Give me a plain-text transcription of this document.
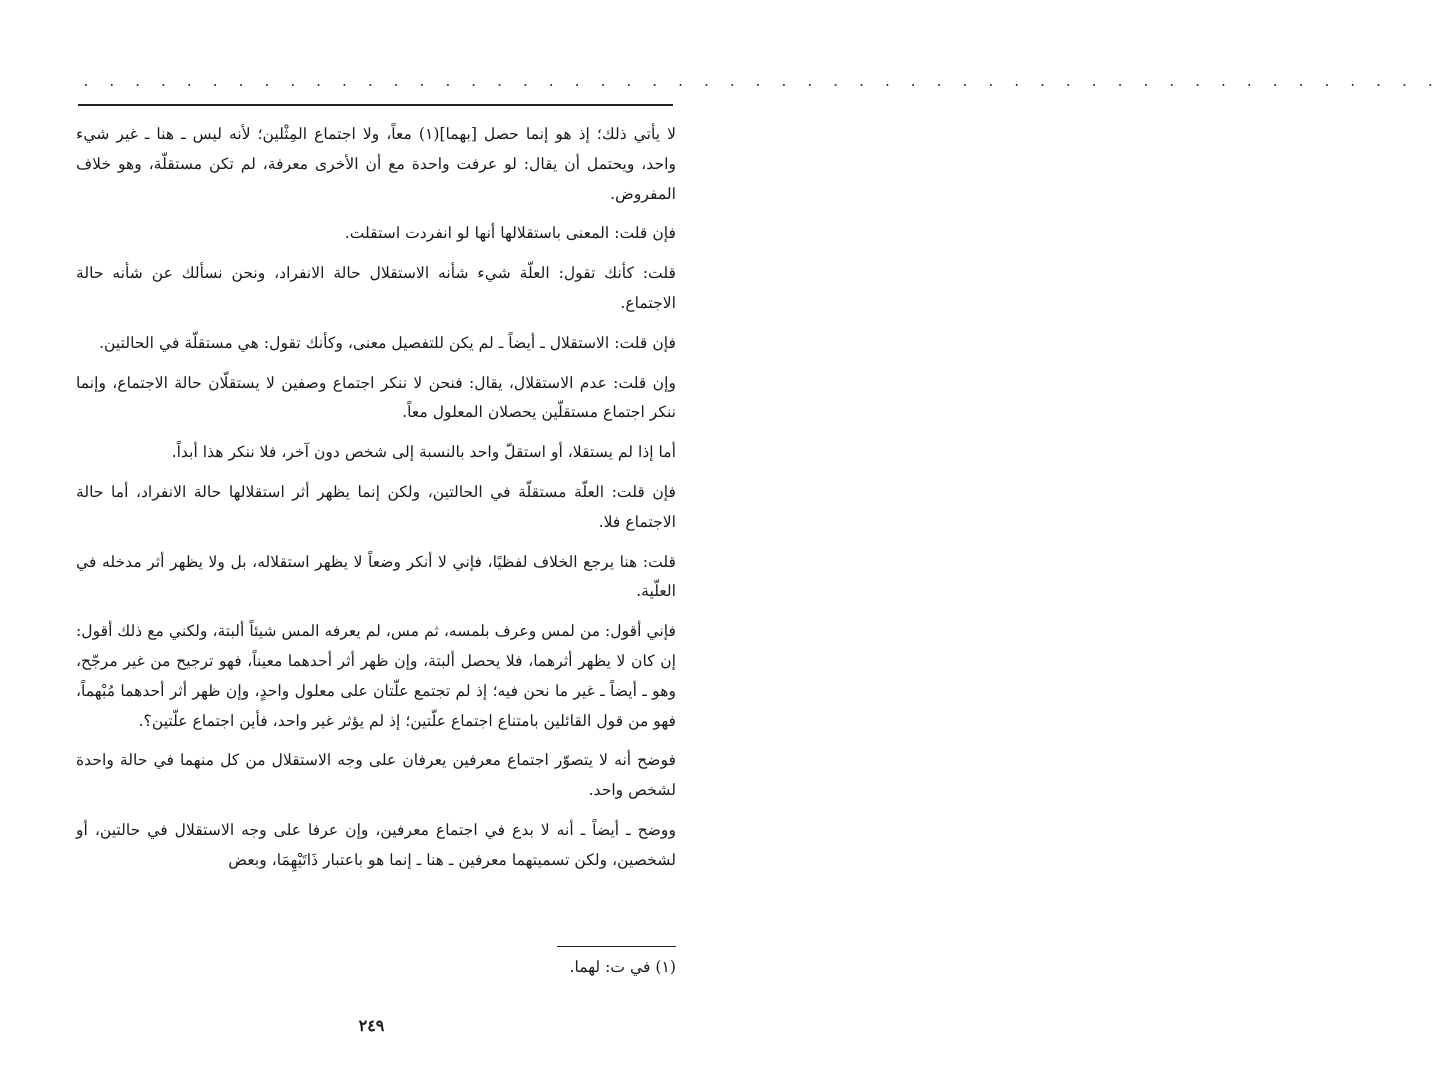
. . . . . . . . . . . . . . . . . . . . . . . . . . . . . . . . . . . . . . . . . . . . . . . . . . . . .

لا يأتي ذلك؛ إذ هو إنما حصل [بهما](١) معاً، ولا اجتماع المِثْلين؛ لأنه ليس ـ هنا ـ غير شيء واحد، ويحتمل أن يقال: لو عرفت واحدة مع أن الأخرى معرفة، لم تكن مستقلّة، وهو خلاف المفروض.

فإن قلت: المعنى باستقلالها أنها لو انفردت استقلت.

قلت: كأنك تقول: العلّة شيء شأنه الاستقلال حالة الانفراد، ونحن نسألك عن شأنه حالة الاجتماع.

فإن قلت: الاستقلال ـ أيضاً ـ لم يكن للتفصيل معنى، وكأنك تقول: هي مستقلّة في الحالتين.

وإن قلت: عدم الاستقلال، يقال: فنحن لا ننكر اجتماع وصفين لا يستقلّان حالة الاجتماع، وإنما ننكر اجتماع مستقلّين يحصلان المعلول معاً.

أما إذا لم يستقلا، أو استقلّ واحد بالنسبة إلى شخص دون آخر، فلا ننكر هذا أبداً.

فإن قلت: العلّة مستقلّة في الحالتين، ولكن إنما يظهر أثر استقلالها حالة الانفراد، أما حالة الاجتماع فلا.

قلت: هنا يرجع الخلاف لفظيًا، فإني لا أنكر وضعاً لا يظهر استقلاله، بل ولا يظهر أثر مدخله في العلّية.

فإني أقول: من لمس وعرف بلمسه، ثم مس، لم يعرفه المس شيئاً ألبتة، ولكني مع ذلك أقول: إن كان لا يظهر أثرهما، فلا يحصل ألبتة، وإن ظهر أثر أحدهما معيناً، فهو ترجيح من غير مرجّح، وهو ـ أيضاً ـ غير ما نحن فيه؛ إذ لم تجتمع علّتان على معلول واحدٍ، وإن ظهر أثر أحدهما مُبْهماً، فهو من قول القائلين بامتناع اجتماع علّتين؛ إذ لم يؤثر غير واحد، فأين اجتماع علّتين؟.

فوضح أنه لا يتصوّر اجتماع معرفين يعرفان على وجه الاستقلال من كل منهما في حالة واحدة لشخص واحد.

ووضح ـ أيضاً ـ أنه لا بدع في اجتماع معرفين، وإن عرفا على وجه الاستقلال في حالتين، أو لشخصين، ولكن تسميتهما معرفين ـ هنا ـ إنما هو باعتبار ذَاتَيْهِمَا، وبعض

(١) في ت: لهما.
٢٤٩
